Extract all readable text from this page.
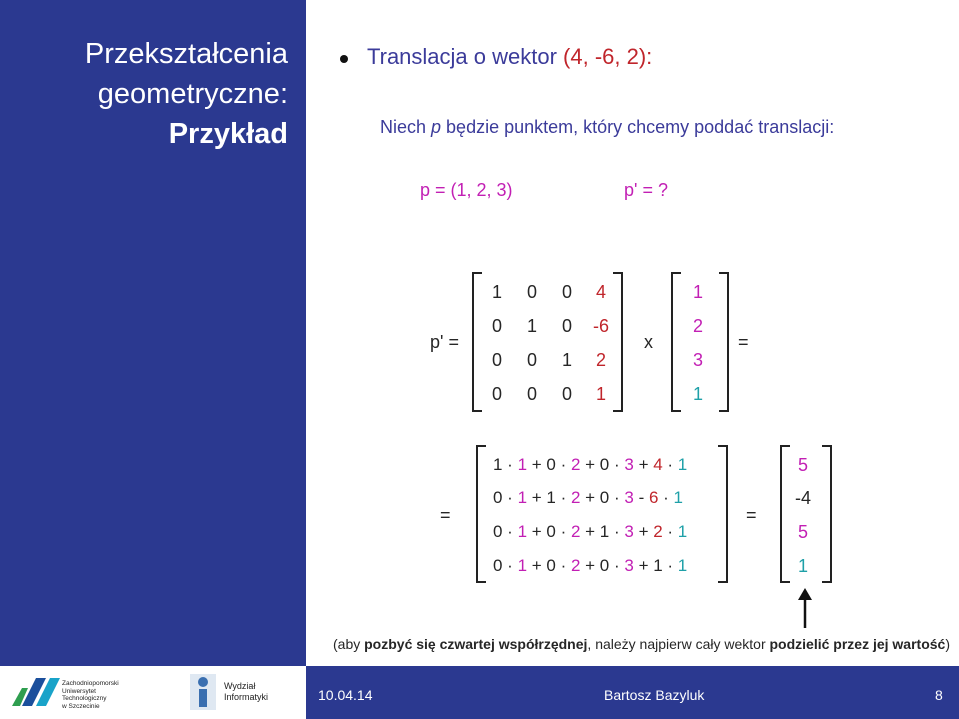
Przekształcenia
geometryczne:
Przykład
Translacja o wektor (4, -6, 2):
Niech p będzie punktem, który chcemy poddać translacji:
p = (1, 2, 3)	p' = ?
p' =
1	0	0	4
0	1	0	-6
0	0	1	2
0	0	0	1
x
1
2
3
1
=
=
1 · 1 + 0 · 2 + 0 · 3 + 4 · 1
0 · 1 + 1 · 2 + 0 · 3 - 6 · 1
0 · 1 + 0 · 2 + 1 · 3 + 2 · 1
0 · 1 + 0 · 2 + 0 · 3 + 1 · 1
=
5
-4
5
1
(aby pozbyć się czwartej współrzędnej, należy najpierw cały wektor podzielić przez jej wartość)
Zachodniopomorski
Uniwersytet
Technologiczny
w Szczecinie
Wydział
Informatyki	10.04.14	Bartosz Bazyluk	8
